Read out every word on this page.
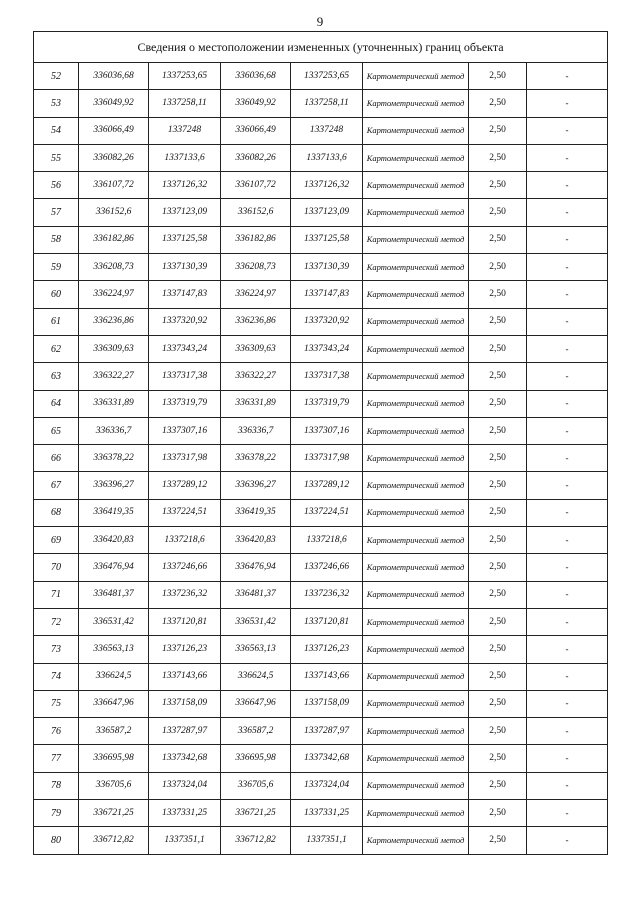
9
Сведения о местоположении измененных (уточненных) границ объекта							
52	336036,68	1337253,65	336036,68	1337253,65	Картометрический метод	2,50	-
53	336049,92	1337258,11	336049,92	1337258,11	Картометрический метод	2,50	-
54	336066,49	1337248	336066,49	1337248	Картометрический метод	2,50	-
55	336082,26	1337133,6	336082,26	1337133,6	Картометрический метод	2,50	-
56	336107,72	1337126,32	336107,72	1337126,32	Картометрический метод	2,50	-
57	336152,6	1337123,09	336152,6	1337123,09	Картометрический метод	2,50	-
58	336182,86	1337125,58	336182,86	1337125,58	Картометрический метод	2,50	-
59	336208,73	1337130,39	336208,73	1337130,39	Картометрический метод	2,50	-
60	336224,97	1337147,83	336224,97	1337147,83	Картометрический метод	2,50	-
61	336236,86	1337320,92	336236,86	1337320,92	Картометрический метод	2,50	-
62	336309,63	1337343,24	336309,63	1337343,24	Картометрический метод	2,50	-
63	336322,27	1337317,38	336322,27	1337317,38	Картометрический метод	2,50	-
64	336331,89	1337319,79	336331,89	1337319,79	Картометрический метод	2,50	-
65	336336,7	1337307,16	336336,7	1337307,16	Картометрический метод	2,50	-
66	336378,22	1337317,98	336378,22	1337317,98	Картометрический метод	2,50	-
67	336396,27	1337289,12	336396,27	1337289,12	Картометрический метод	2,50	-
68	336419,35	1337224,51	336419,35	1337224,51	Картометрический метод	2,50	-
69	336420,83	1337218,6	336420,83	1337218,6	Картометрический метод	2,50	-
70	336476,94	1337246,66	336476,94	1337246,66	Картометрический метод	2,50	-
71	336481,37	1337236,32	336481,37	1337236,32	Картометрический метод	2,50	-
72	336531,42	1337120,81	336531,42	1337120,81	Картометрический метод	2,50	-
73	336563,13	1337126,23	336563,13	1337126,23	Картометрический метод	2,50	-
74	336624,5	1337143,66	336624,5	1337143,66	Картометрический метод	2,50	-
75	336647,96	1337158,09	336647,96	1337158,09	Картометрический метод	2,50	-
76	336587,2	1337287,97	336587,2	1337287,97	Картометрический метод	2,50	-
77	336695,98	1337342,68	336695,98	1337342,68	Картометрический метод	2,50	-
78	336705,6	1337324,04	336705,6	1337324,04	Картометрический метод	2,50	-
79	336721,25	1337331,25	336721,25	1337331,25	Картометрический метод	2,50	-
80	336712,82	1337351,1	336712,82	1337351,1	Картометрический метод	2,50	-
